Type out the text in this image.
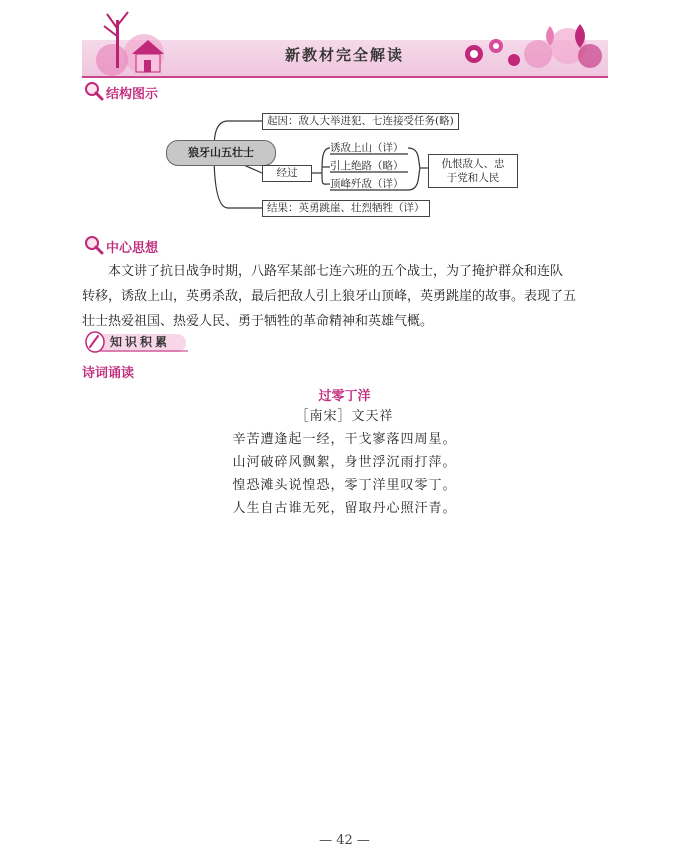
新教材完全解读
结构图示
狼牙山五壮士
起因：敌人大举进犯、七连接受任务(略)
经过
诱敌上山（详）
引上绝路（略）
顶峰歼敌（详）
仇恨敌人、忠
于党和人民
结果：英勇跳崖、壮烈牺牲（详）
中心思想
本文讲了抗日战争时期，八路军某部七连六班的五个战士，为了掩护群众和连队
转移，诱敌上山，英勇杀敌，最后把敌人引上狼牙山顶峰，英勇跳崖的故事。表现了五
壮士热爱祖国、热爱人民、勇于牺牲的革命精神和英雄气概。
知识积累
诗词诵读
过零丁洋
［南宋］文天祥
辛苦遭逢起一经，干戈寥落四周星。
山河破碎风飘絮，身世浮沉雨打萍。
惶恐滩头说惶恐，零丁洋里叹零丁。
人生自古谁无死，留取丹心照汗青。
— 42 —
